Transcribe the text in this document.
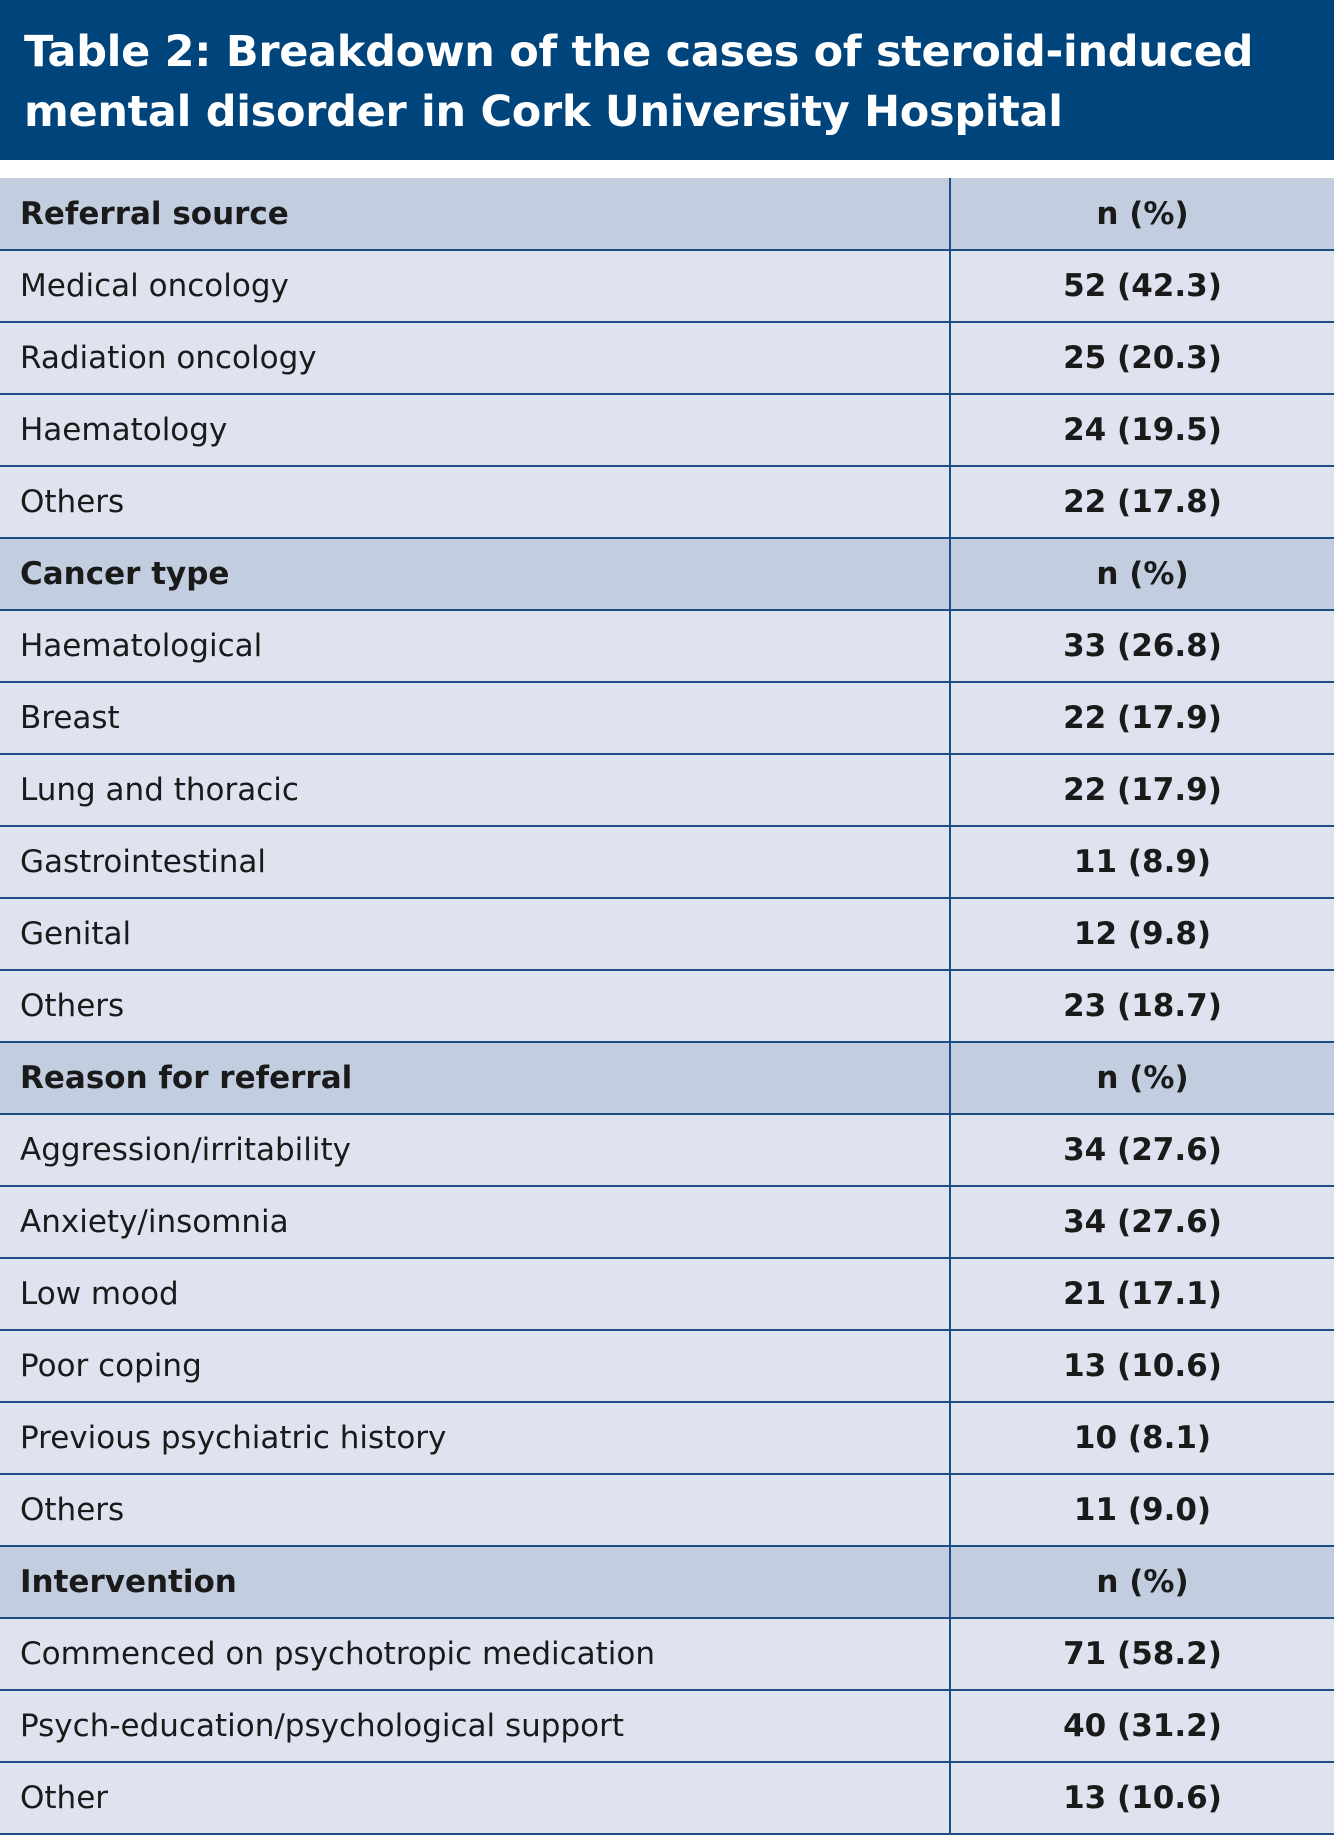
Table 2: Breakdown of the cases of steroid-induced mental disorder in Cork University Hospital
Referral source	n (%)
Medical oncology	52 (42.3)
Radiation oncology	25 (20.3)
Haematology	24 (19.5)
Others	22 (17.8)
Cancer type	n (%)
Haematological	33 (26.8)
Breast	22 (17.9)
Lung and thoracic	22 (17.9)
Gastrointestinal	11 (8.9)
Genital	12 (9.8)
Others	23 (18.7)
Reason for referral	n (%)
Aggression/irritability	34 (27.6)
Anxiety/insomnia	34 (27.6)
Low mood	21 (17.1)
Poor coping	13 (10.6)
Previous psychiatric history	10 (8.1)
Others	11 (9.0)
Intervention	n (%)
Commenced on psychotropic medication	71 (58.2)
Psych-education/psychological support	40 (31.2)
Other	13 (10.6)
